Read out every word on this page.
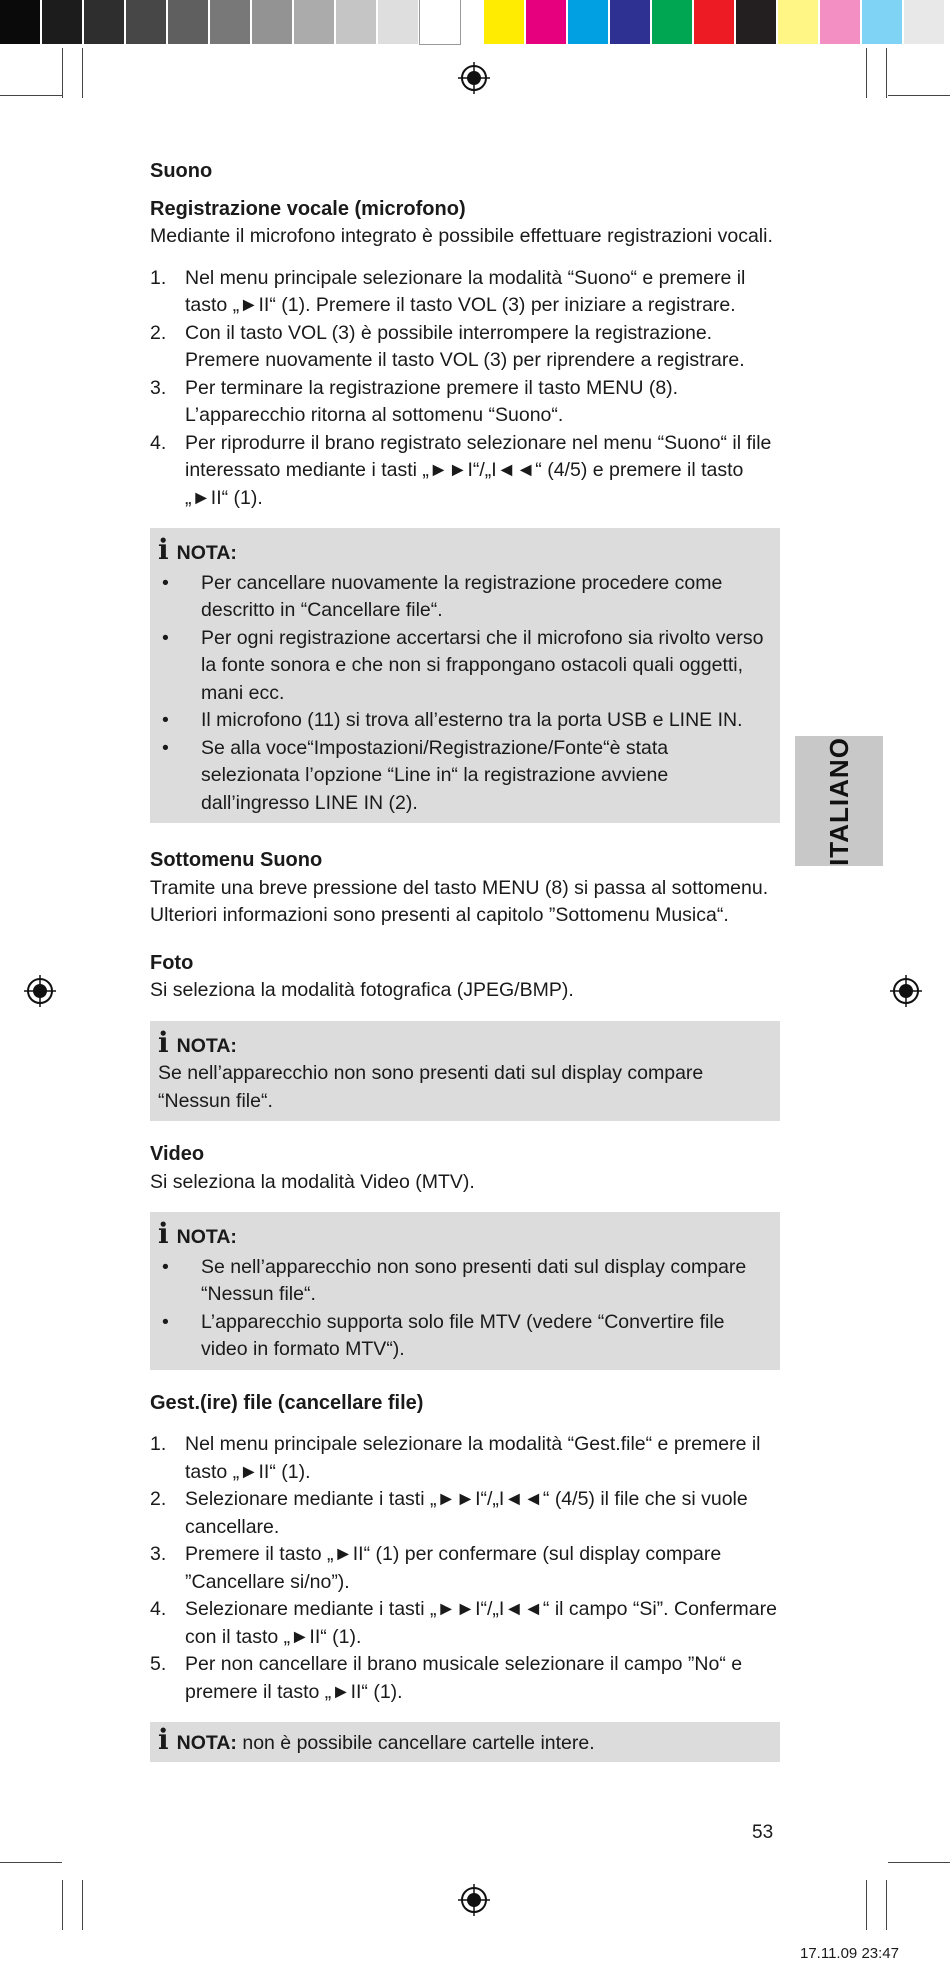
Suono

Registrazione vocale (microfono)

Mediante il microfono integrato è possibile effettuare registrazioni vocali.

1. Nel menu principale selezionare la modalità “Suono“ e premere il tasto „►II“ (1). Premere il tasto VOL (3) per iniziare a registrare.
2. Con il tasto VOL (3) è possibile interrompere la registrazione. Premere nuovamente il tasto VOL (3) per riprendere a registrare.
3. Per terminare la registrazione premere il tasto MENU (8). L’apparecchio ritorna al sottomenu “Suono“.
4. Per riprodurre il brano registrato selezionare nel menu “Suono“ il file interessato mediante i tasti „►►I“/„I◄◄“ (4/5) e premere il tasto „►II“ (1).
i NOTA:
• Per cancellare nuovamente la registrazione procedere come descritto in “Cancellare file“.
• Per ogni registrazione accertarsi che il microfono sia rivolto verso la fonte sonora e che non si frappongano ostacoli quali oggetti, mani ecc.
• Il microfono (11) si trova all’esterno tra la porta USB e LINE IN.
• Se alla voce“Impostazioni/Registrazione/Fonte“è stata selezionata l’opzione “Line in“ la registrazione avviene dall’ingresso LINE IN (2).

Sottomenu Suono

Tramite una breve pressione del tasto MENU (8) si passa al sottomenu. Ulteriori informazioni sono presenti al capitolo ”Sottomenu Musica“.

Foto

Si seleziona la modalità fotografica (JPEG/BMP).

i NOTA:

Se nell’apparecchio non sono presenti dati sul display compare “Nessun file“.

Video

Si seleziona la modalità Video (MTV).

i NOTA:
• Se nell’apparecchio non sono presenti dati sul display compare “Nessun file“.
• L’apparecchio supporta solo file MTV (vedere “Convertire file video in formato MTV“).

Gest.(ire) file (cancellare file)

1. Nel menu principale selezionare la modalità “Gest.file“ e premere il tasto „►II“ (1).
2. Selezionare mediante i tasti „►►I“/„I◄◄“ (4/5) il file che si vuole cancellare.
3. Premere il tasto „►II“ (1) per confermare (sul display compare ”Cancellare si/no”).
4. Selezionare mediante i tasti „►►I“/„I◄◄“ il campo “Si”. Confermare con il tasto „►II“ (1).
5. Per non cancellare il brano musicale selezionare il campo ”No“ e premere il tasto „►II“ (1).
i NOTA: non è possibile cancellare cartelle intere.
ITALIANO
53
17.11.09 23:47
